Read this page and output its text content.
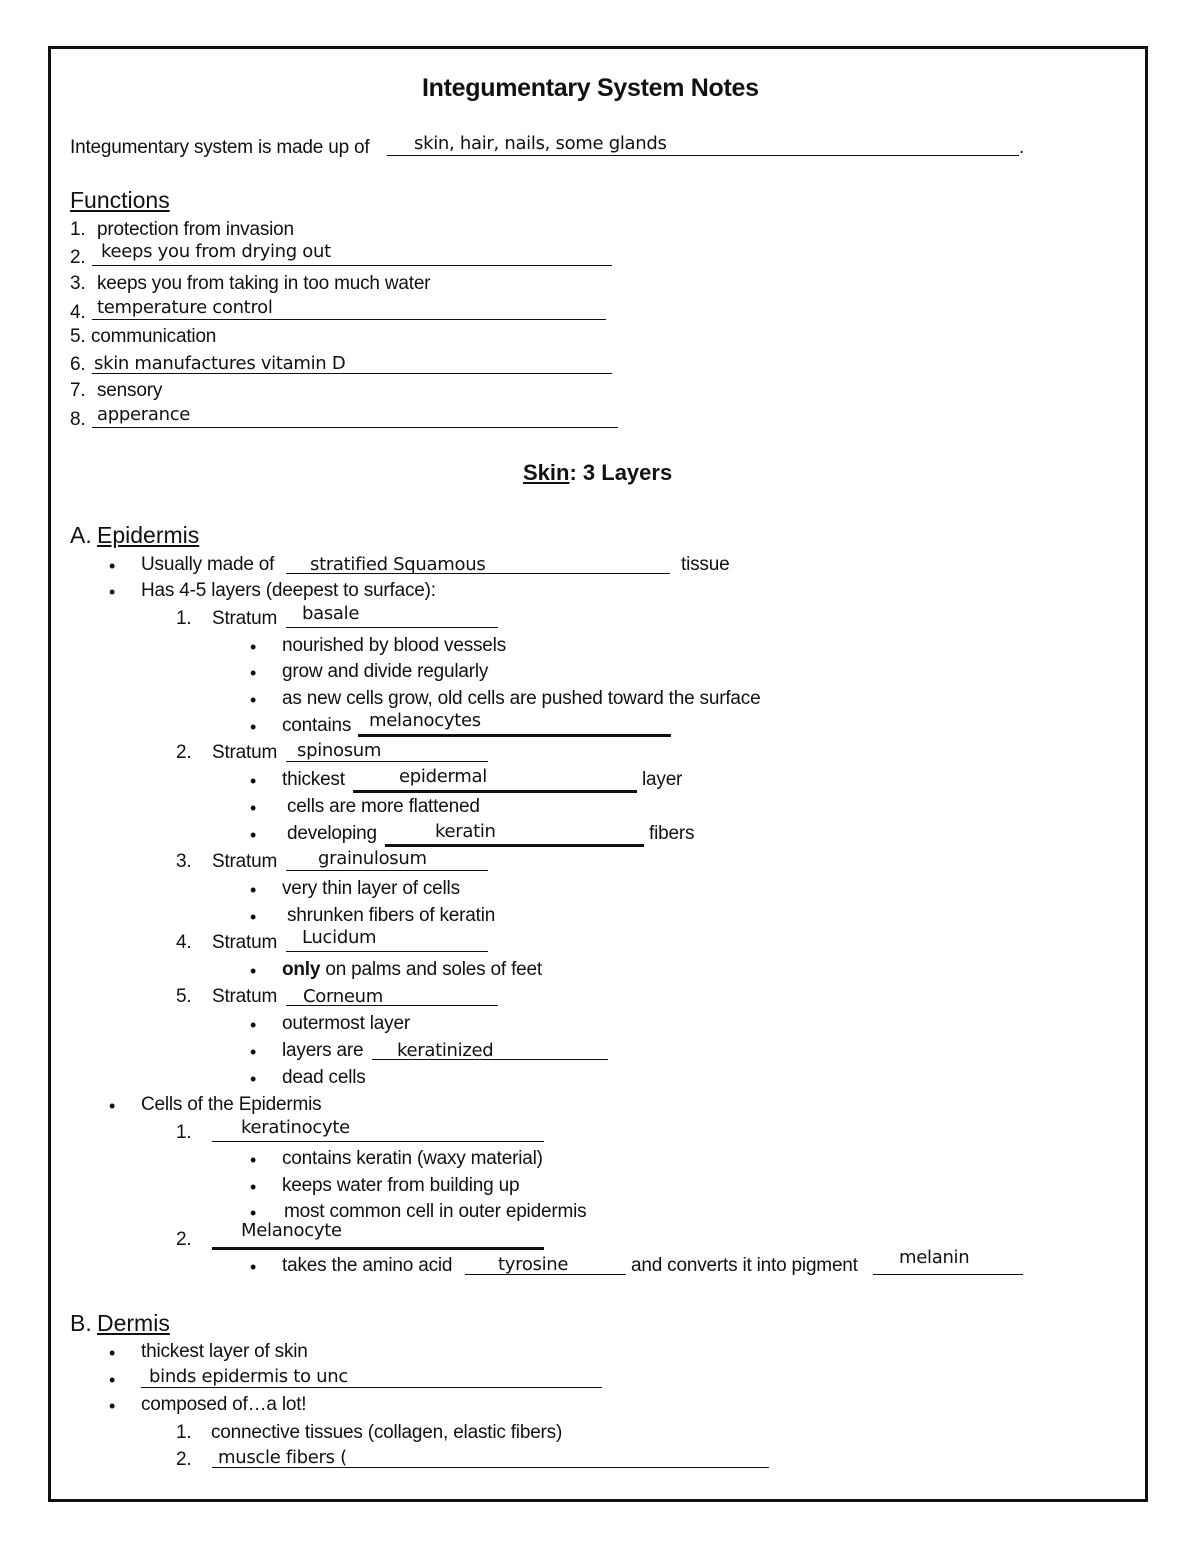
Integumentary System Notes
Integumentary system is made up of skin, hair, nails, some glands	.
Functions
1. protection from invasion
2. keeps you from drying out
3. keeps you from taking in too much water
4. temperature control
5. communication
6. skin manufactures vitamin D
7. sensory
8. apperance
Skin: 3 Layers
A. Epidermis
• Usually made of stratified Squamous	tissue
• Has 4-5 layers (deepest to surface):
1. Stratum basale
• nourished by blood vessels
• grow and divide regularly
• as new cells grow, old cells are pushed toward the surface
• contains melanocytes
2. Stratum spinosum
• thickest	epidermal	layer
• cells are more flattened
• developing	keratin	fibers
3. Stratum grainulosum
• very thin layer of cells
• shrunken fibers of keratin
4. Stratum Lucidum
• only on palms and soles of feet
5. Stratum Corneum
• outermost layer
• layers are keratinized
• dead cells
• Cells of the Epidermis
1.	keratinocyte
• contains keratin (waxy material)
• keeps water from building up
• most common cell in outer epidermis
2.	Melanocyte
• takes the amino acid	tyrosine	and converts it into pigment melanin
B. Dermis
• thickest layer of skin
• binds epidermis to unc
• composed of…a lot!
1. connective tissues (collagen, elastic fibers)
2. muscle fibers (
